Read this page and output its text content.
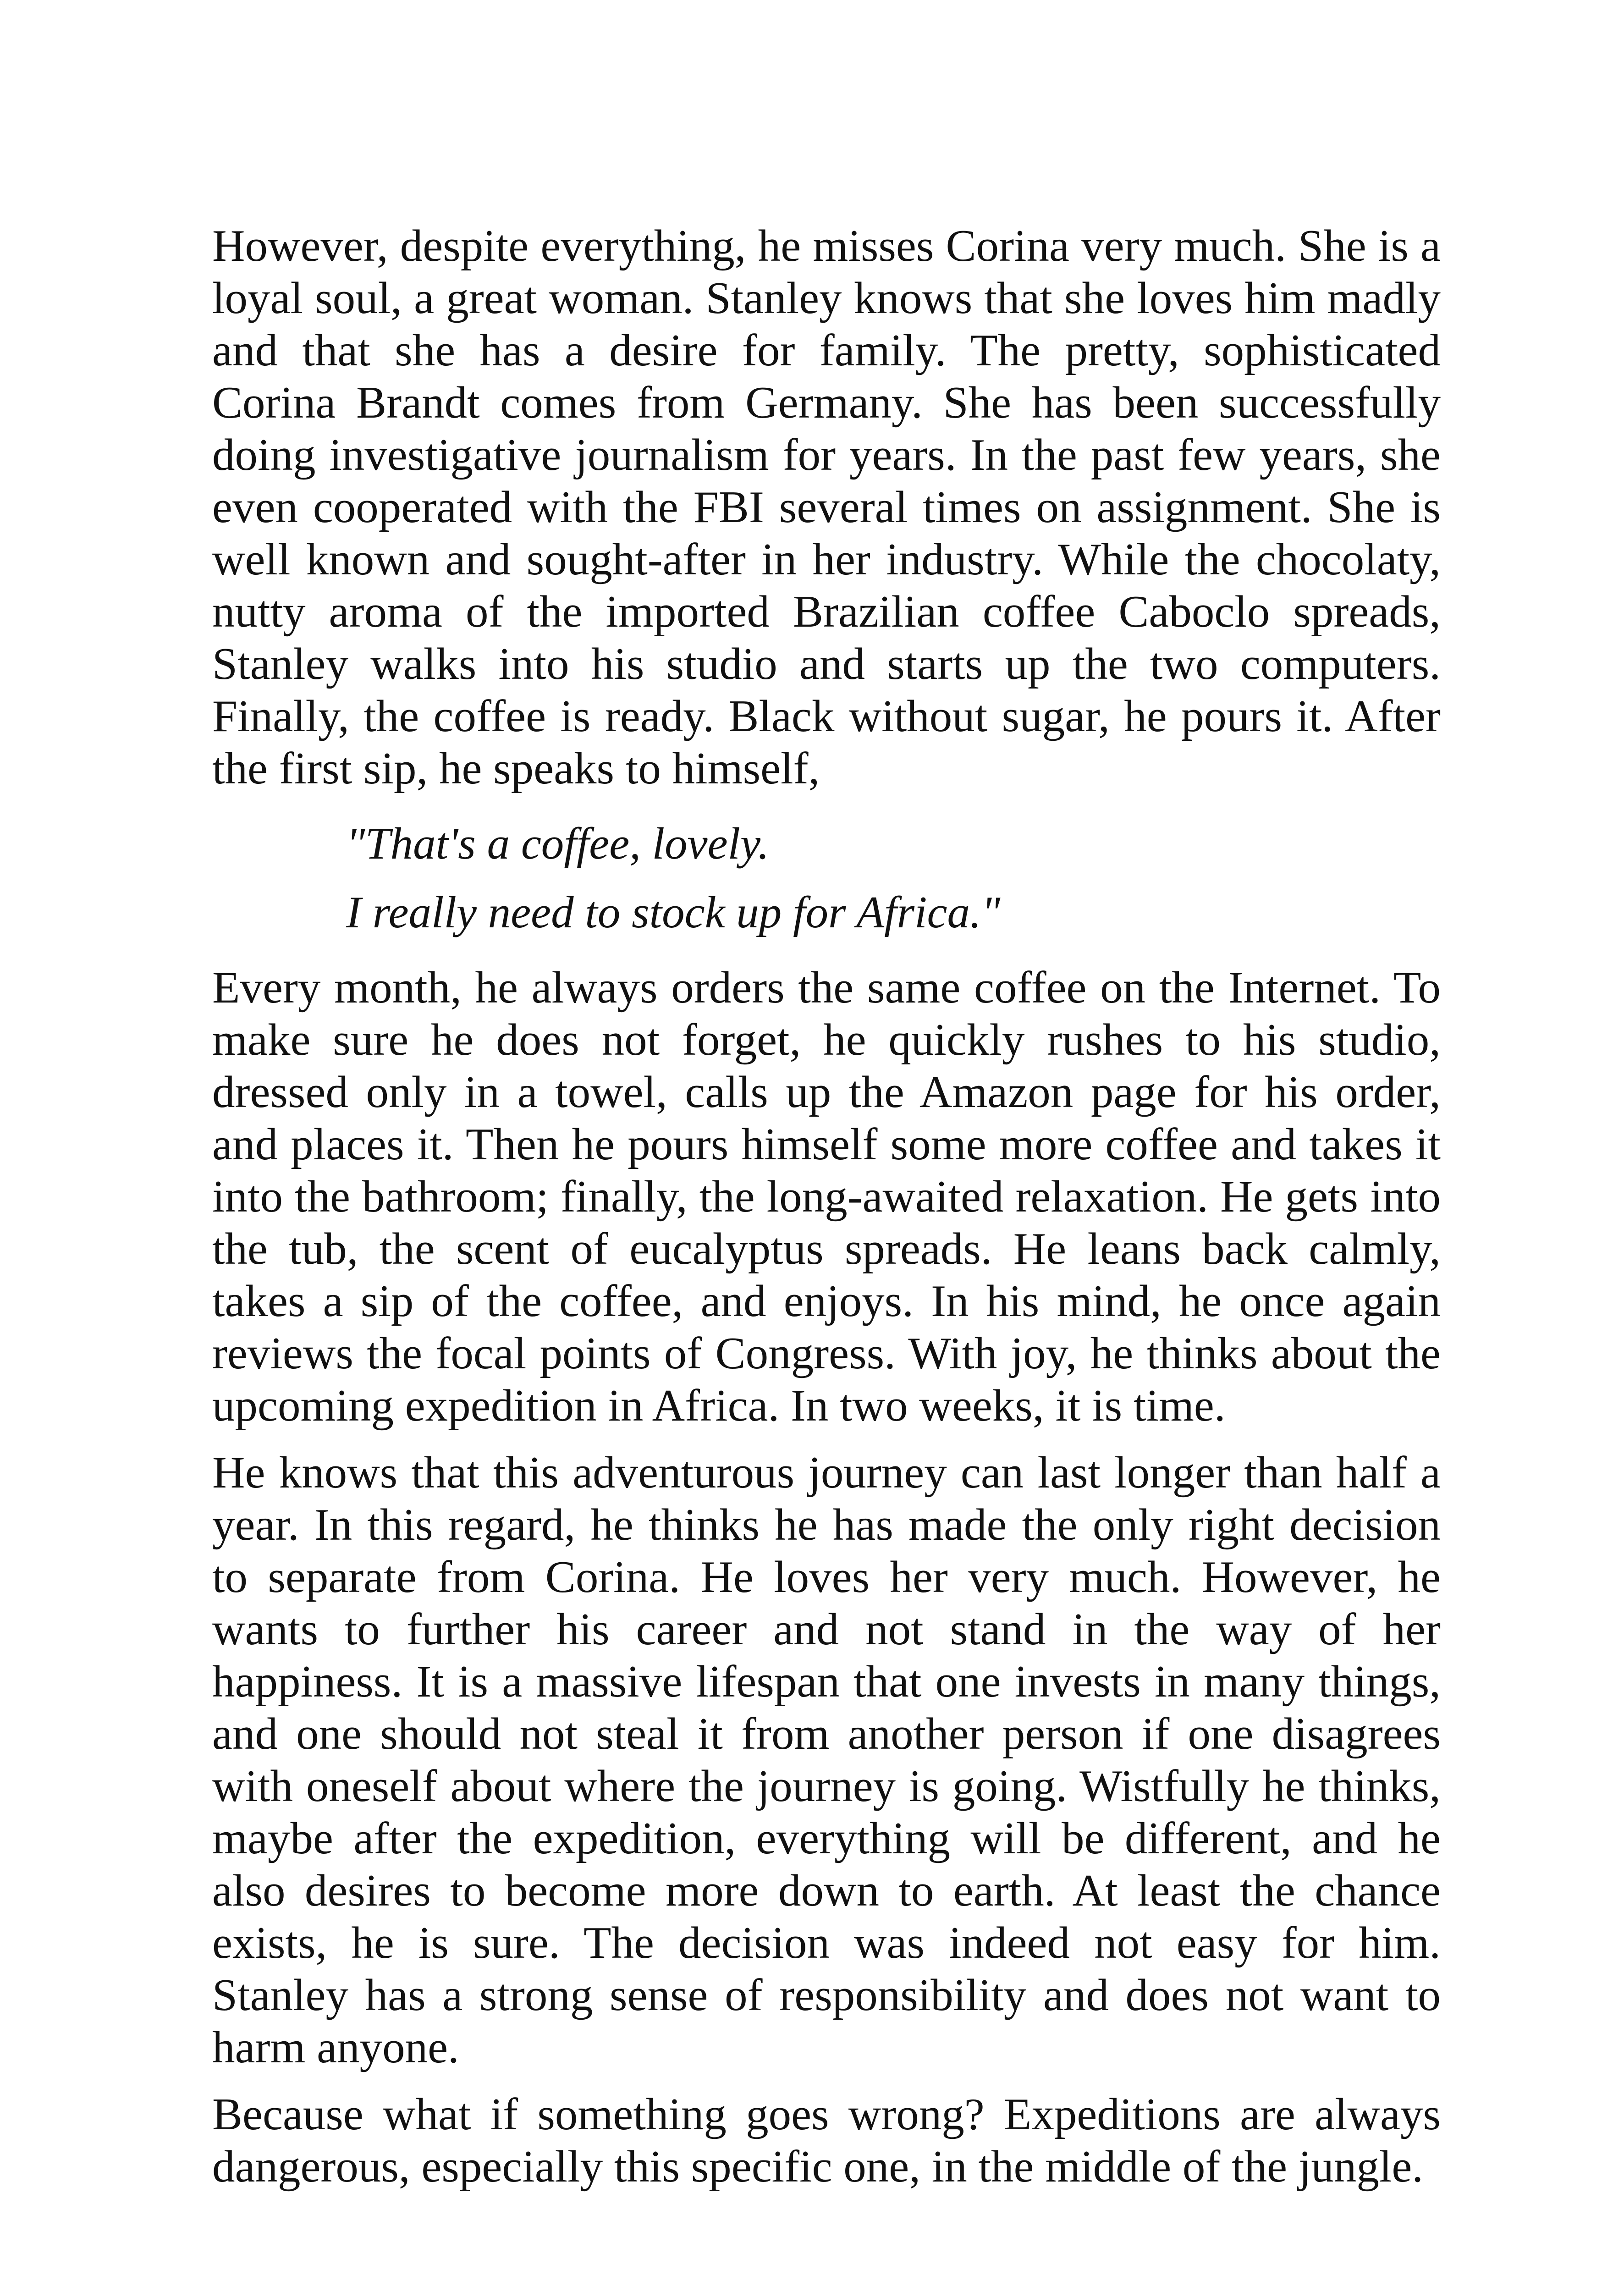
However, despite everything, he misses Corina very much. She is a loyal soul, a great woman. Stanley knows that she loves him madly and that she has a desire for family. The pretty, sophisticated Corina Brandt comes from Germany. She has been successfully doing investigative journalism for years. In the past few years, she even cooperated with the FBI several times on assignment. She is well known and sought-after in her industry. While the chocolaty, nutty aroma of the imported Brazilian coffee Caboclo spreads, Stanley walks into his studio and starts up the two computers. Finally, the coffee is ready. Black without sugar, he pours it. After the first sip, he speaks to himself,

"That's a coffee, lovely.

I really need to stock up for Africa."

Every month, he always orders the same coffee on the Internet. To make sure he does not forget, he quickly rushes to his studio, dressed only in a towel, calls up the Amazon page for his order, and places it. Then he pours himself some more coffee and takes it into the bathroom; finally, the long-awaited relaxation. He gets into the tub, the scent of eucalyptus spreads. He leans back calmly, takes a sip of the coffee, and enjoys. In his mind, he once again reviews the focal points of Congress. With joy, he thinks about the upcoming expedition in Africa. In two weeks, it is time.

He knows that this adventurous journey can last longer than half a year. In this regard, he thinks he has made the only right decision to separate from Corina. He loves her very much. However, he wants to further his career and not stand in the way of her happiness. It is a massive lifespan that one invests in many things, and one should not steal it from another person if one disagrees with oneself about where the journey is going. Wistfully he thinks, maybe after the expedition, everything will be different, and he also desires to become more down to earth. At least the chance exists, he is sure. The decision was indeed not easy for him. Stanley has a strong sense of responsibility and does not want to harm anyone.

Because what if something goes wrong? Expeditions are always dangerous, especially this specific one, in the middle of the jungle.
